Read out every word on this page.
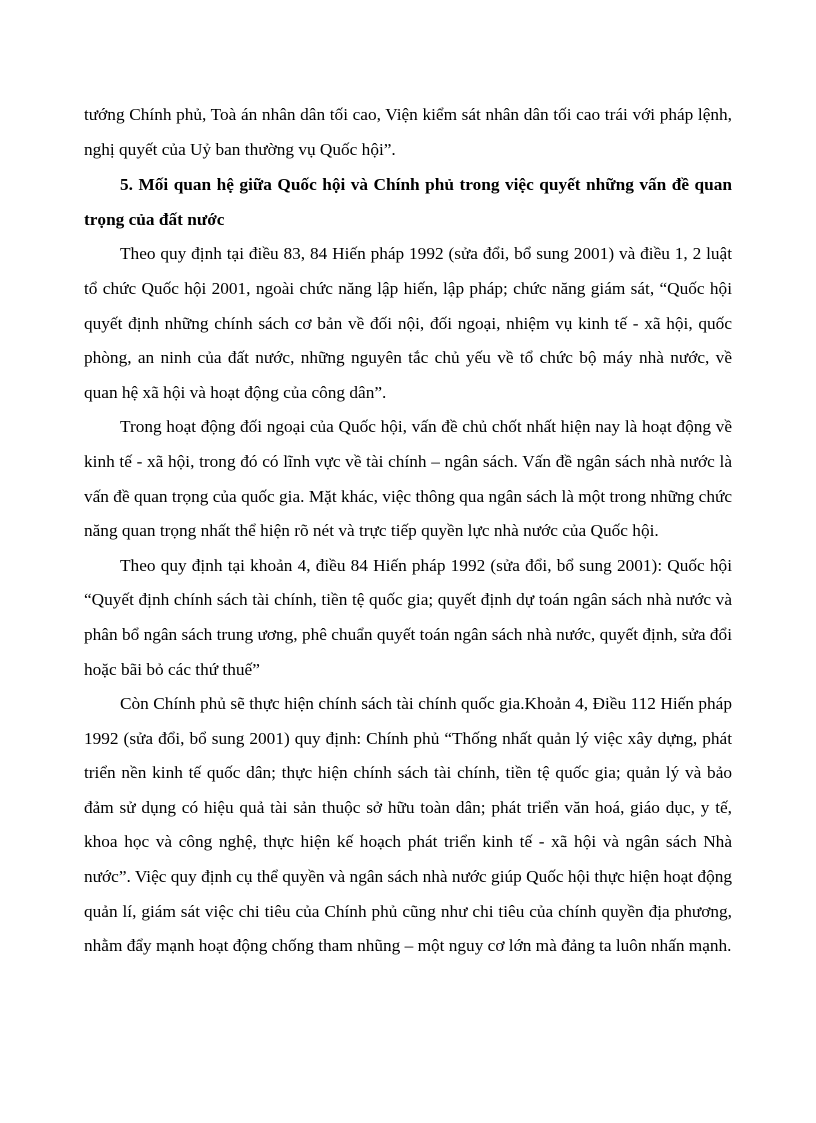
tướng Chính phủ, Toà án nhân dân tối cao, Viện kiểm sát nhân dân tối cao trái với pháp lệnh, nghị quyết của Uỷ ban thường vụ Quốc hội”.

5. Mối quan hệ giữa Quốc hội và Chính phủ trong việc quyết những vấn đề quan trọng của đất nước

Theo quy định tại điều 83, 84 Hiến pháp 1992 (sửa đổi, bổ sung 2001) và điều 1, 2 luật tổ chức Quốc hội 2001, ngoài chức năng lập hiến, lập pháp; chức năng giám sát, “Quốc hội quyết định những chính sách cơ bản về đối nội, đối ngoại, nhiệm vụ kinh tế - xã hội, quốc phòng, an ninh của đất nước, những nguyên tắc chủ yếu về tổ chức bộ máy nhà nước, về quan hệ xã hội và hoạt động của công dân”.

Trong hoạt động đối ngoại của Quốc hội, vấn đề chủ chốt nhất hiện nay là hoạt động về kinh tế - xã hội, trong đó có lĩnh vực về tài chính – ngân sách. Vấn đề ngân sách nhà nước là vấn đề quan trọng của quốc gia. Mặt khác, việc thông qua ngân sách là một trong những chức năng quan trọng nhất thể hiện rõ nét và trực tiếp quyền lực nhà nước của Quốc hội.

Theo quy định tại khoản 4, điều 84 Hiến pháp 1992 (sửa đổi, bổ sung 2001): Quốc hội “Quyết định chính sách tài chính, tiền tệ quốc gia; quyết định dự toán ngân sách nhà nước và phân bổ ngân sách trung ương, phê chuẩn quyết toán ngân sách nhà nước, quyết định, sửa đổi hoặc bãi bỏ các thứ thuế”

Còn Chính phủ sẽ thực hiện chính sách tài chính quốc gia.Khoản 4, Điều 112 Hiến pháp 1992 (sửa đổi, bổ sung 2001) quy định: Chính phủ “Thống nhất quản lý việc xây dựng, phát triển nền kinh tế quốc dân; thực hiện chính sách tài chính, tiền tệ quốc gia; quản lý và bảo đảm sử dụng có hiệu quả tài sản thuộc sở hữu toàn dân; phát triển văn hoá, giáo dục, y tế, khoa học và công nghệ, thực hiện kế hoạch phát triển kinh tế - xã hội và ngân sách Nhà nước”. Việc quy định cụ thể quyền và ngân sách nhà nước giúp Quốc hội thực hiện hoạt động quản lí, giám sát việc chi tiêu của Chính phủ cũng như chi tiêu của chính quyền địa phương, nhằm đẩy mạnh hoạt động chống tham nhũng – một nguy cơ lớn mà đảng ta luôn nhấn mạnh.
